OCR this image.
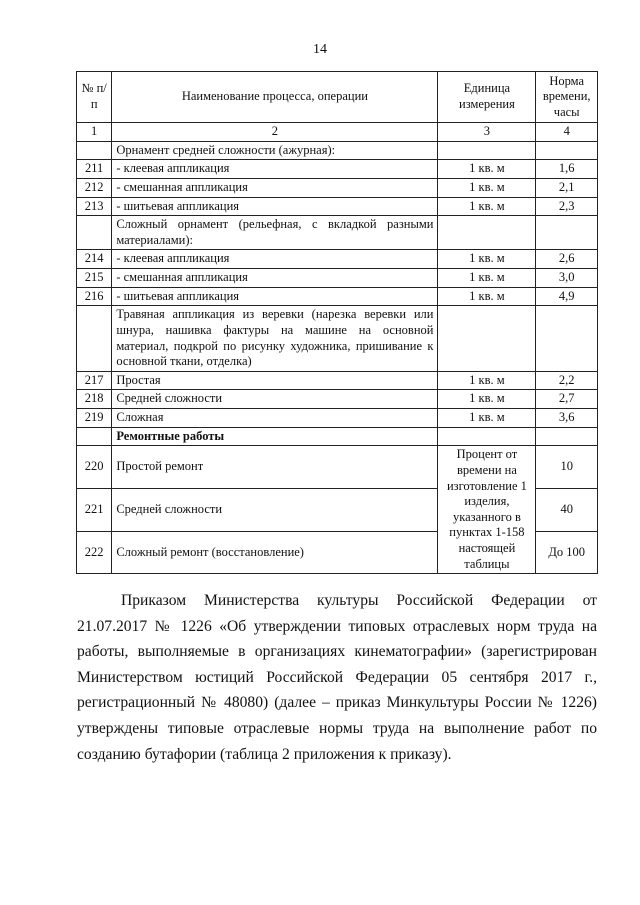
14
№ п/п	Наименование процесса, операции	Единица измерения	Норма времени, часы
1	2	3	4
	Орнамент средней сложности (ажурная):		
211	- клеевая аппликация	1 кв. м	1,6
212	- смешанная аппликация	1 кв. м	2,1
213	- шитьевая аппликация	1 кв. м	2,3
	Сложный орнамент (рельефная, с вкладкой разными материалами):		
214	- клеевая аппликация	1 кв. м	2,6
215	- смешанная аппликация	1 кв. м	3,0
216	- шитьевая аппликация	1 кв. м	4,9
	Травяная аппликация из веревки (нарезка веревки или шнура, нашивка фактуры на машине на основной материал, подкрой по рисунку художника, пришивание к основной ткани, отделка)		
217	Простая	1 кв. м	2,2
218	Средней сложности	1 кв. м	2,7
219	Сложная	1 кв. м	3,6
	Ремонтные работы		
220	Простой ремонт	Процент от времени на изготовление 1 изделия, указанного в пунктах 1-158 настоящей таблицы	10
221	Средней сложности		40
222	Сложный ремонт (восстановление)		До 100

Приказом Министерства культуры Российской Федерации от 21.07.2017 № 1226 «Об утверждении типовых отраслевых норм труда на работы, выполняемые в организациях кинематографии» (зарегистрирован Министерством юстиций Российской Федерации 05 сентября 2017 г., регистрационный № 48080) (далее – приказ Минкультуры России № 1226) утверждены типовые отраслевые нормы труда на выполнение работ по созданию бутафории (таблица 2 приложения к приказу).
